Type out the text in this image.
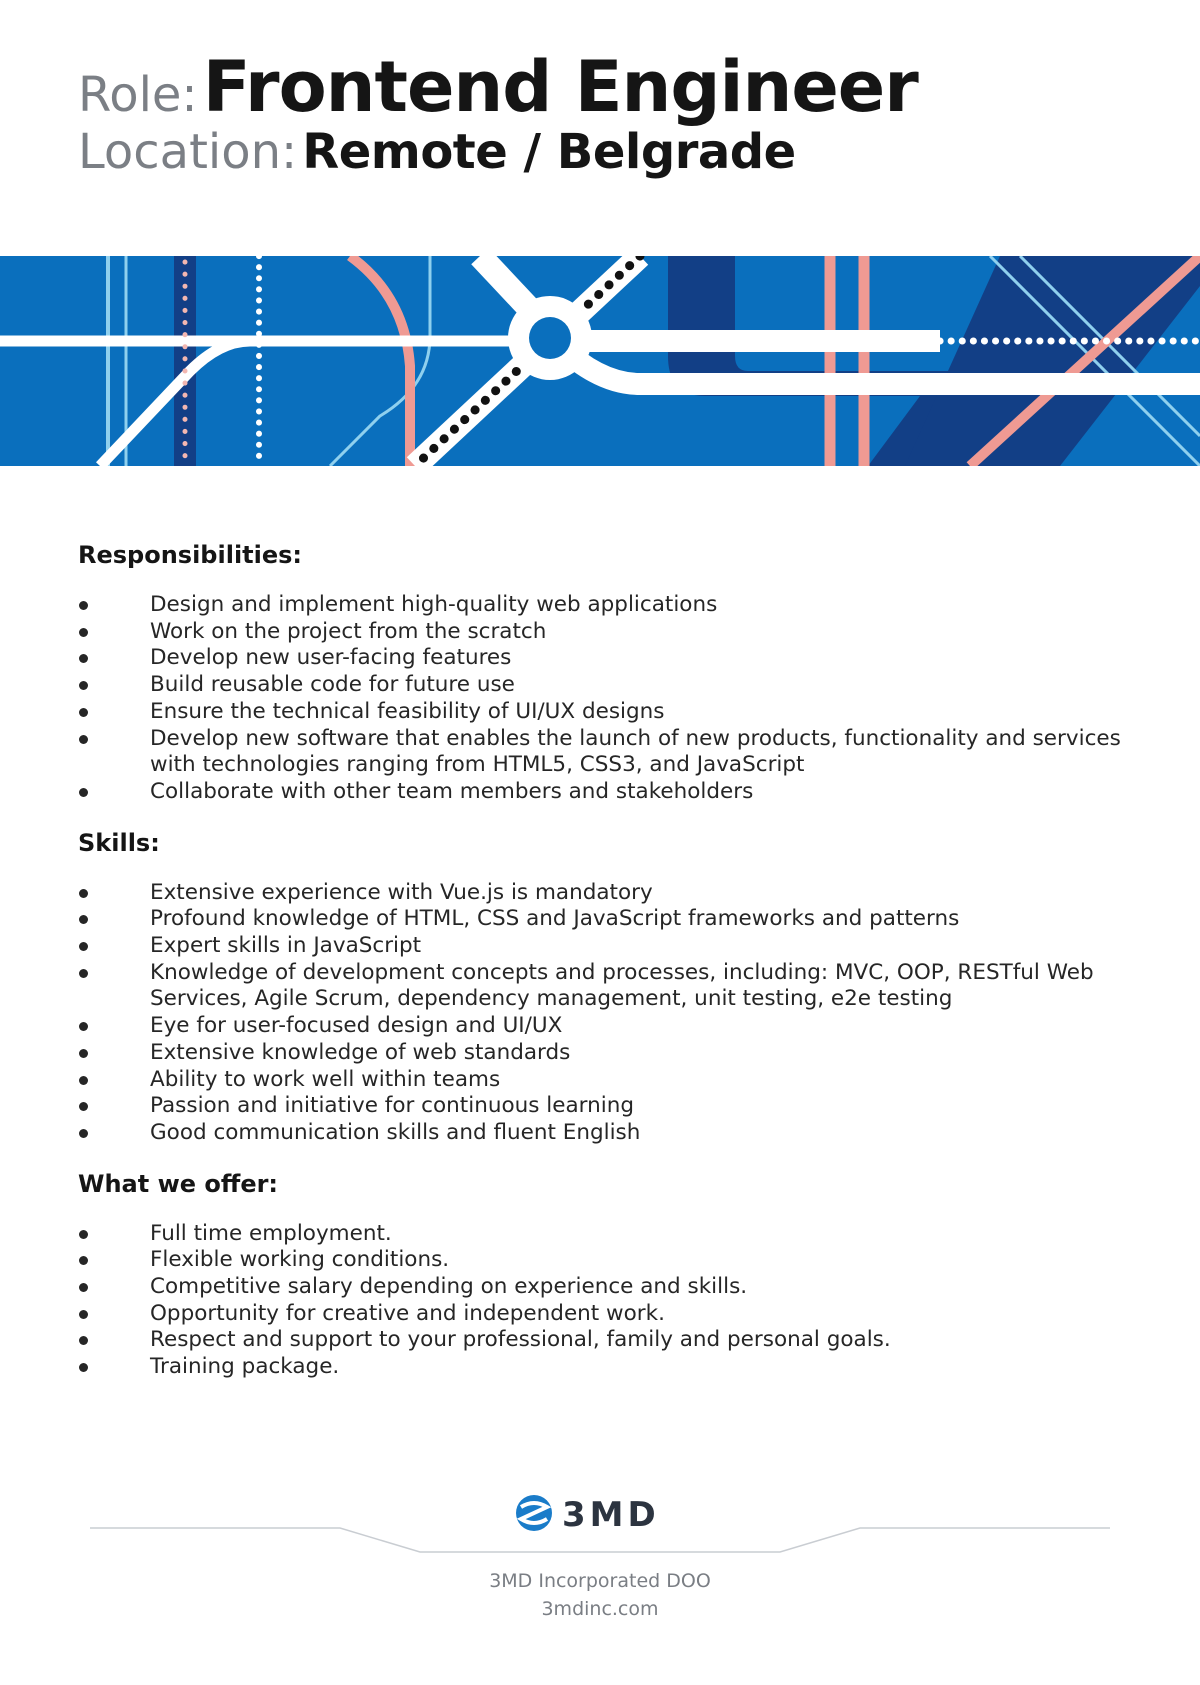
Role: Frontend Engineer
Location: Remote / Belgrade
Responsibilities:
Design and implement high-quality web applications
Work on the project from the scratch
Develop new user-facing features
Build reusable code for future use
Ensure the technical feasibility of UI/UX designs
Develop new software that enables the launch of new products, functionality and services with technologies ranging from HTML5, CSS3, and JavaScript
Collaborate with other team members and stakeholders
Skills:
Extensive experience with Vue.js is mandatory
Profound knowledge of HTML, CSS and JavaScript frameworks and patterns
Expert skills in JavaScript
Knowledge of development concepts and processes, including: MVC, OOP, RESTful Web Services, Agile Scrum, dependency management, unit testing, e2e testing
Eye for user-focused design and UI/UX
Extensive knowledge of web standards
Ability to work well within teams
Passion and initiative for continuous learning
Good communication skills and fluent English
What we offer:
Full time employment.
Flexible working conditions.
Competitive salary depending on experience and skills.
Opportunity for creative and independent work.
Respect and support to your professional, family and personal goals.
Training package.
3MD
3MD Incorporated DOO
3mdinc.com
